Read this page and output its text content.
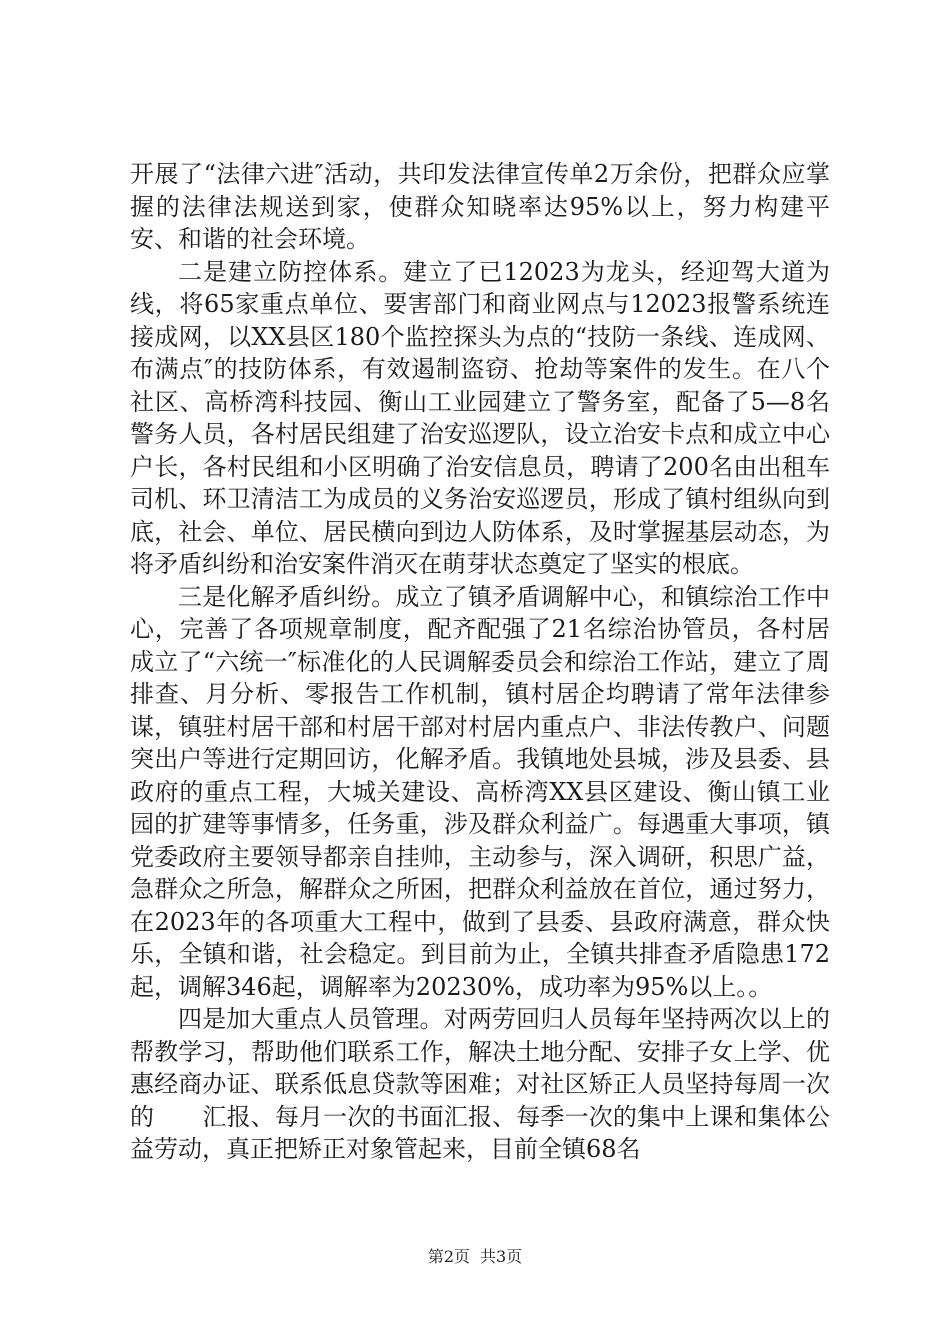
开展了“法律六进″活动，共印发法律宣传单2万余份，把群众应掌握的法律法规送到家，使群众知晓率达95%以上，努力构建平安、和谐的社会环境。

二是建立防控体系。建立了已12023为龙头，经迎驾大道为线，将65家重点单位、要害部门和商业网点与12023报警系统连接成网，以XX县区180个监控探头为点的“技防一条线、连成网、布满点″的技防体系，有效遏制盗窃、抢劫等案件的发生。在八个社区、高桥湾科技园、衡山工业园建立了警务室，配备了5—8名警务人员，各村居民组建了治安巡逻队，设立治安卡点和成立中心户长，各村民组和小区明确了治安信息员，聘请了200名由出租车司机、环卫清洁工为成员的义务治安巡逻员，形成了镇村组纵向到底，社会、单位、居民横向到边人防体系，及时掌握基层动态，为将矛盾纠纷和治安案件消灭在萌芽状态奠定了坚实的根底。

三是化解矛盾纠纷。成立了镇矛盾调解中心，和镇综治工作中心，完善了各项规章制度，配齐配强了21名综治协管员，各村居成立了“六统一″标准化的人民调解委员会和综治工作站，建立了周排查、月分析、零报告工作机制，镇村居企均聘请了常年法律参谋，镇驻村居干部和村居干部对村居内重点户、非法传教户、问题突出户等进行定期回访，化解矛盾。我镇地处县城，涉及县委、县政府的重点工程，大城关建设、高桥湾XX县区建设、衡山镇工业园的扩建等事情多，任务重，涉及群众利益广。每遇重大事项，镇党委政府主要领导都亲自挂帅，主动参与，深入调研，积思广益，急群众之所急，解群众之所困，把群众利益放在首位，通过努力，在2023年的各项重大工程中，做到了县委、县政府满意，群众快乐，全镇和谐，社会稳定。到目前为止，全镇共排查矛盾隐患172起，调解346起，调解率为20230%，成功率为95%以上。。

四是加大重点人员管理。对两劳回归人员每年坚持两次以上的帮教学习，帮助他们联系工作，解决土地分配、安排子女上学、优惠经商办证、联系低息贷款等困难；对社区矫正人员坚持每周一次的　　汇报、每月一次的书面汇报、每季一次的集中上课和集体公益劳动，真正把矫正对象管起来，目前全镇68名

第2页 共3页
